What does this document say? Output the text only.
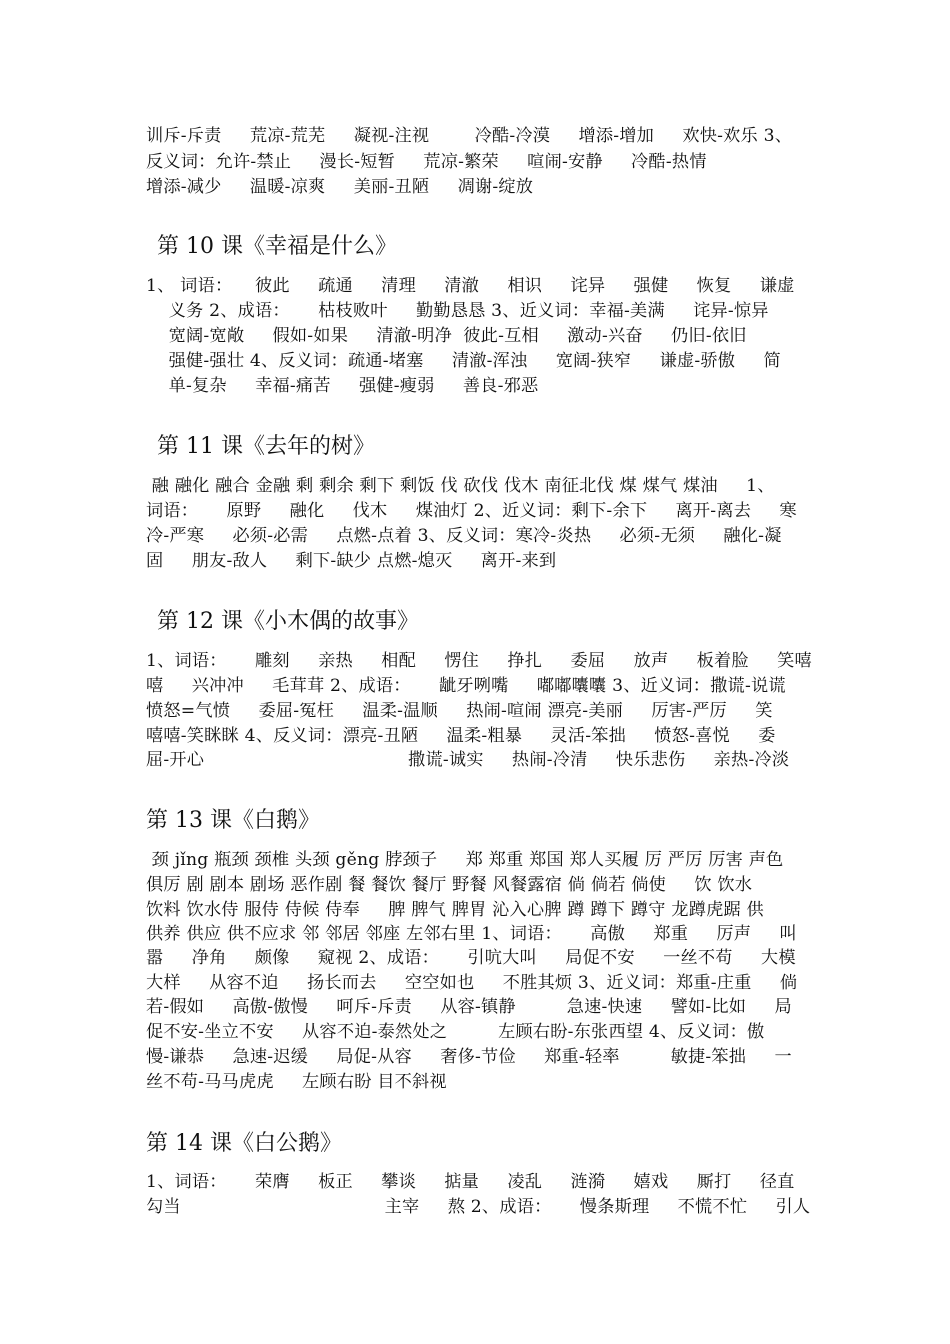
训斥-斥责     荒凉-荒芜     凝视-注视        冷酷-冷漠     增添-增加     欢快-欢乐 3、
反义词：允许-禁止     漫长-短暂     荒凉-繁荣     喧闹-安静     冷酷-热情
增添-减少     温暖-凉爽     美丽-丑陋     凋谢-绽放
第 10 课《幸福是什么》
1、 词语：    彼此     疏通     清理     清澈     相识     诧异     强健     恢复     谦虚
义务 2、成语：     枯枝败叶     勤勤恳恳 3、近义词：幸福-美满     诧异-惊异
宽阔-宽敞     假如-如果     清澈-明净  彼此-互相     激动-兴奋     仍旧-依旧
强健-强壮 4、反义词：疏通-堵塞     清澈-浑浊     宽阔-狭窄     谦虚-骄傲     简
单-复杂     幸福-痛苦     强健-瘦弱     善良-邪恶
第 11 课《去年的树》
融 融化 融合 金融 剩 剩余 剩下 剩饭 伐 砍伐 伐木 南征北伐 煤 煤气 煤油     1、
词语：     原野     融化     伐木     煤油灯 2、近义词：剩下-余下     离开-离去     寒
冷-严寒     必须-必需     点燃-点着 3、反义词：寒冷-炎热     必须-无须     融化-凝
固     朋友-敌人     剩下-缺少 点燃-熄灭     离开-来到
第 12 课《小木偶的故事》
1、词语：     雕刻     亲热     相配     愣住     挣扎     委屈     放声     板着脸     笑嘻
嘻     兴冲冲     毛茸茸 2、成语：     龇牙咧嘴     嘟嘟囔囔 3、近义词：撒谎-说谎
愤怒=气愤     委屈-冤枉     温柔-温顺     热闹-喧闹 漂亮-美丽     厉害-严厉     笑
嘻嘻-笑眯眯 4、反义词：漂亮-丑陋     温柔-粗暴     灵活-笨拙     愤怒-喜悦     委
屈-开心                                    撒谎-诚实     热闹-冷清     快乐悲伤     亲热-冷淡
第 13 课《白鹅》
颈 jǐng 瓶颈 颈椎 头颈 gěng 脖颈子     郑 郑重 郑国 郑人买履 厉 严厉 厉害 声色
俱厉 剧 剧本 剧场 恶作剧 餐 餐饮 餐厅 野餐 风餐露宿 倘 倘若 倘使     饮 饮水
饮料 饮水侍 服侍 侍候 侍奉     脾 脾气 脾胃 沁入心脾 蹲 蹲下 蹲守 龙蹲虎踞 供
供养 供应 供不应求 邻 邻居 邻座 左邻右里 1、词语：     高傲     郑重     厉声     叫
嚣     净角     颇像     窥视 2、成语：     引吭大叫     局促不安     一丝不苟     大模
大样     从容不迫     扬长而去     空空如也     不胜其烦 3、近义词：郑重-庄重     倘
若-假如     高傲-傲慢     呵斥-斥责     从容-镇静         急速-快速     譬如-比如     局
促不安-坐立不安     从容不迫-泰然处之         左顾右盼-东张西望 4、反义词：傲
慢-谦恭     急速-迟缓     局促-从容     奢侈-节俭     郑重-轻率         敏捷-笨拙     一
丝不苟-马马虎虎     左顾右盼 目不斜视
第 14 课《白公鹅》
1、词语：     荣膺     板正     攀谈     掂量     凌乱     涟漪     嬉戏     厮打     径直
勾当                                    主宰     熬 2、成语：     慢条斯理     不慌不忙     引人
